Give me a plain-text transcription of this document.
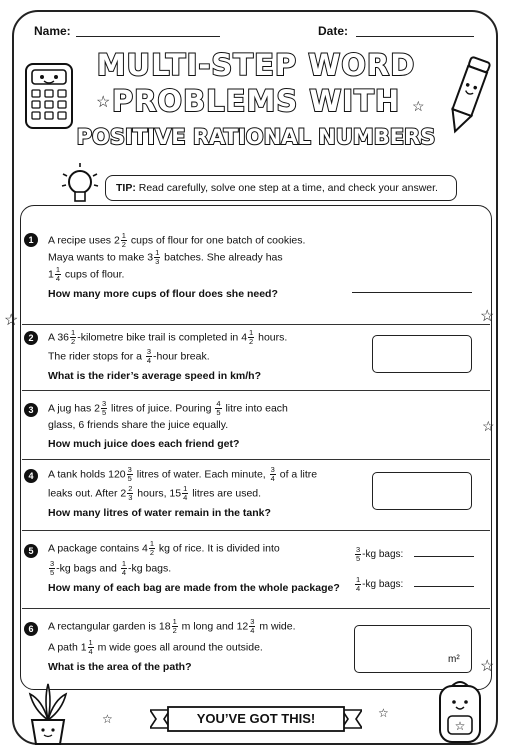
Name:	Date:
MULTI-STEP WORD
PROBLEMS WITH
POSITIVE RATIONAL NUMBERS
☆	☆
☆	☆
☆
☆
TIP: Read carefully, solve one step at a time, and check your answer.
1	A recipe uses $2 \frac{1}{2}$ cups of flour for one batch of cookies.
Maya wants to make $3 \frac{1}{3}$ batches. She already has
$1 \frac{1}{4}$ cups of flour.
How many more cups of flour does she need?
2	A $36 \frac{1}{2}$ -kilometre bike trail is completed in $4 \frac{1}{2}$ hours.
The rider stops for a $\frac{3}{4}$ -hour break.
What is the rider’s average speed in km/h?
3	A jug has $2 \frac{3}{5}$ litres of juice. Pouring $\frac{4}{5}$ litre into each
glass, 6 friends share the juice equally.
How much juice does each friend get?
4	A tank holds $120 \frac{3}{5}$ litres of water. Each minute, $\frac{3}{4}$ of a litre
leaks out. After $2 \frac{2}{3}$ hours, $15 \frac{1}{4}$ litres are used.
How many litres of water remain in the tank?
5	A package contains $4 \frac{1}{2}$ kg of rice. It is divided into
$\frac{3}{5} -kg$ bags and $\frac{1}{4} -kg$ bags.
How many of each bag are made from the whole package?
$\frac{3}{5} -kg$ bags:
$\frac{1}{4} -kg$ bags:
6	A rectangular garden is $18 \frac{1}{2}$ m long and $12 \frac{3}{4}$ m wide.
A path $1 \frac{1}{4}$ m wide goes all around the outside.
What is the area of the path?
m²
YOU’VE GOT THIS!
☆	☆
☆
